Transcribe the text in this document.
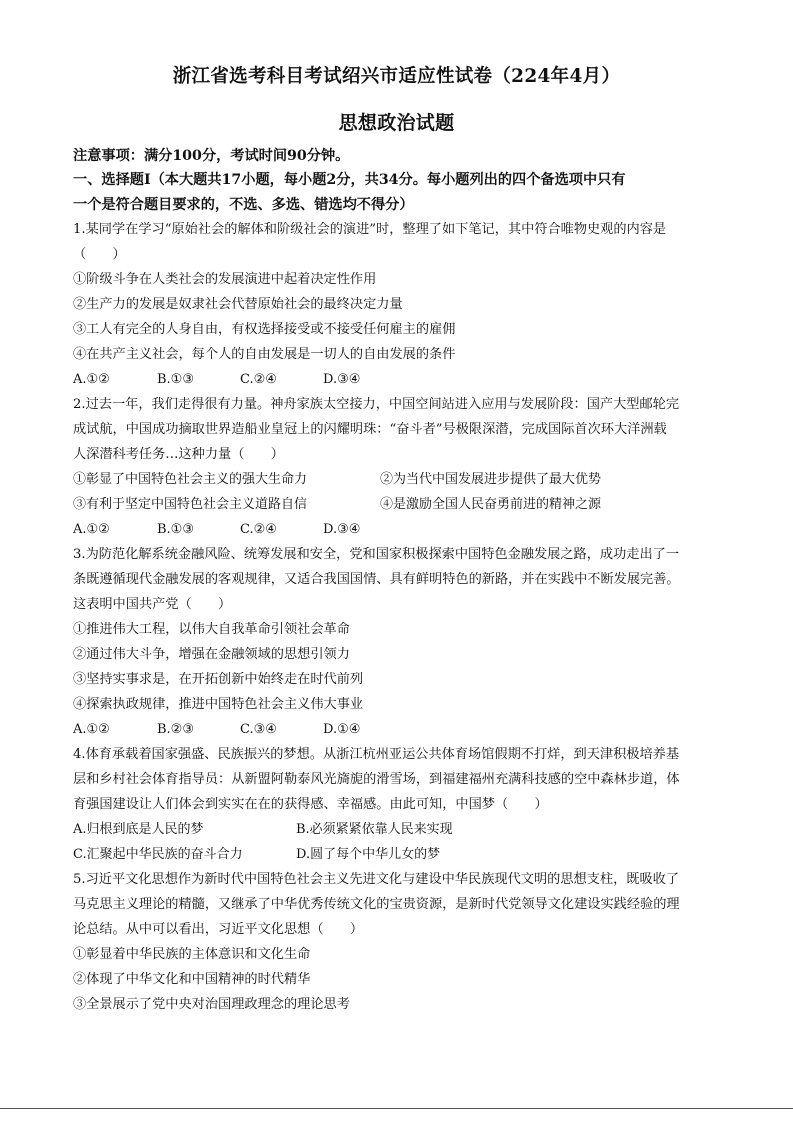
浙江省选考科目考试绍兴市适应性试卷（224年4月）
思想政治试题
注意事项：满分100分，考试时间90分钟。
一、选择题Ⅰ（本大题共17小题，每小题2分，共34分。每小题列出的四个备选项中只有
一个是符合题目要求的，不选、多选、错选均不得分）
1.某同学在学习“原始社会的解体和阶级社会的演进”时，整理了如下笔记，其中符合唯物史观的内容是
（　　）
①阶级斗争在人类社会的发展演进中起着决定性作用
②生产力的发展是奴隶社会代替原始社会的最终决定力量
③工人有完全的人身自由，有权选择接受或不接受任何雇主的雇佣
④在共产主义社会，每个人的自由发展是一切人的自由发展的条件
A.①②	B.①③	C.②④	D.③④
2.过去一年，我们走得很有力量。神舟家族太空接力，中国空间站进入应用与发展阶段：国产大型邮轮完
成试航，中国成功摘取世界造船业皇冠上的闪耀明珠：“奋斗者”号极限深潜，完成国际首次环大洋洲载
人深潜科考任务…这种力量（　　）
①彰显了中国特色社会主义的强大生命力	②为当代中国发展进步提供了最大优势
③有利于坚定中国特色社会主义道路自信	④是激励全国人民奋勇前进的精神之源
A.①②	B.①③	C.②④	D.③④
3.为防范化解系统金融风险、统筹发展和安全，党和国家积极探索中国特色金融发展之路，成功走出了一
条既遵循现代金融发展的客观规律，又适合我国国情、具有鲜明特色的新路，并在实践中不断发展完善。
这表明中国共产党（　　）
①推进伟大工程，以伟大自我革命引领社会革命
②通过伟大斗争，增强在金融领域的思想引领力
③坚持实事求是，在开拓创新中始终走在时代前列
④探索执政规律，推进中国特色社会主义伟大事业
A.①②	B.②③	C.③④	D.①④
4.体育承载着国家强盛、民族振兴的梦想。从浙江杭州亚运公共体育场馆假期不打烊，到天津积极培养基
层和乡村社会体育指导员：从新盟阿勒泰风光旖旎的滑雪场，到福建福州充满科技感的空中森林步道，体
育强国建设让人们体会到实实在在的获得感、幸福感。由此可知，中国梦（　　）
A.归根到底是人民的梦	B.必须紧紧依靠人民来实现
C.汇聚起中华民族的奋斗合力	D.圆了每个中华儿女的梦
5.习近平文化思想作为新时代中国特色社会主义先进文化与建设中华民族现代文明的思想支柱，既吸收了
马克思主义理论的精髓，又继承了中华优秀传统文化的宝贵资源，是新时代党领导文化建设实践经验的理
论总结。从中可以看出，习近平文化思想（　　）
①彰显着中华民族的主体意识和文化生命
②体现了中华文化和中国精神的时代精华
③全景展示了党中央对治国理政理念的理论思考
